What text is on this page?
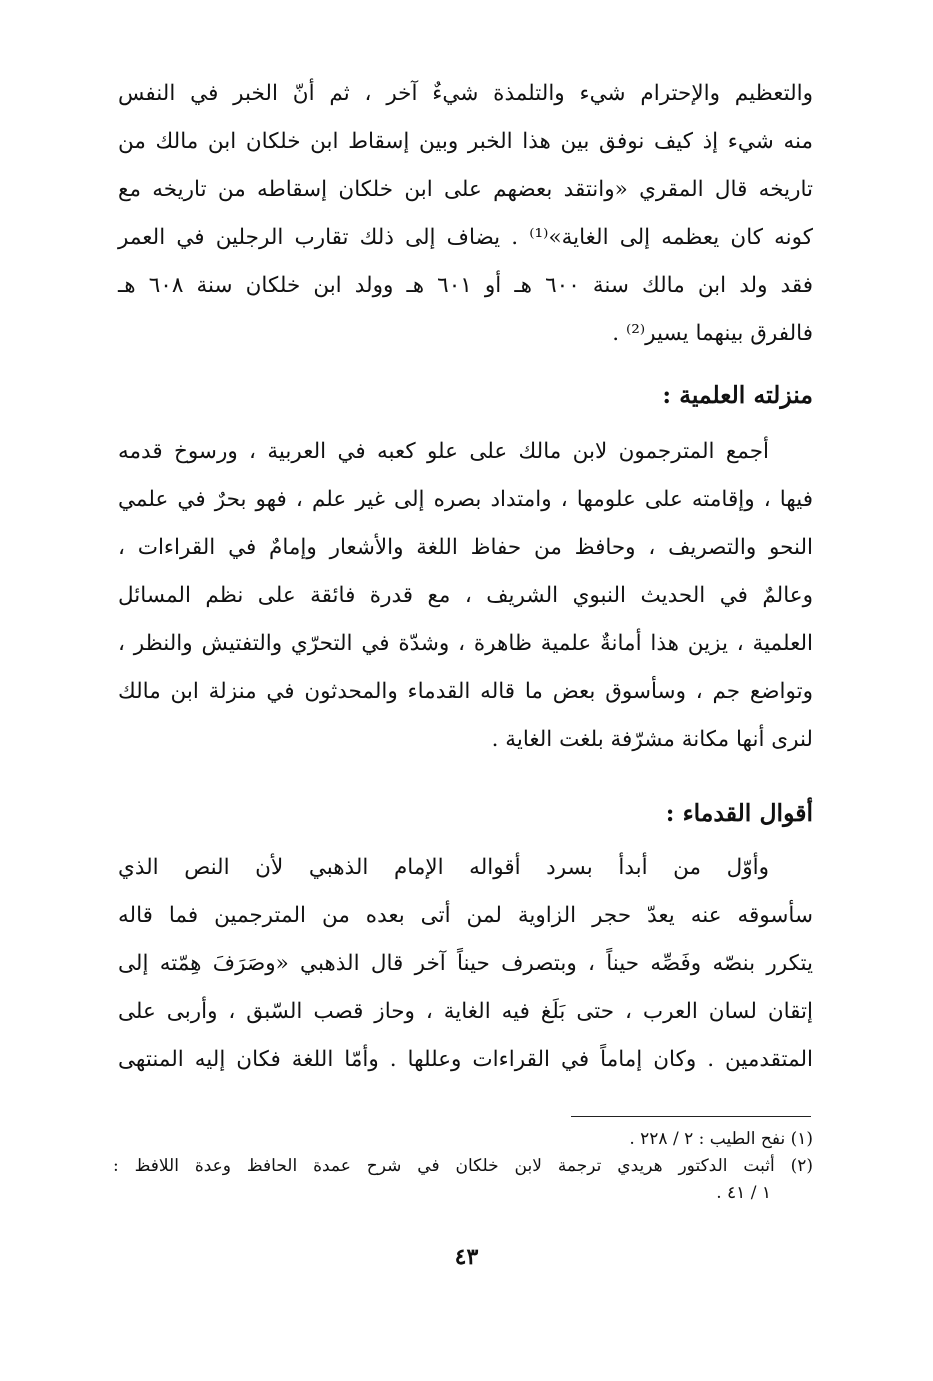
والتعظيم والإحترام شيء والتلمذة شيءٌ آخر ، ثم أنّ الخبر في النفس

منه شيء إذ كيف نوفق بين هذا الخبر وبين إسقاط ابن خلكان ابن مالك من

تاريخه قال المقري «وانتقد بعضهم على ابن خلكان إسقاطه من تاريخه مع

كونه كان يعظمه إلى الغاية»⁽¹⁾ . يضاف إلى ذلك تقارب الرجلين في العمر

فقد ولد ابن مالك سنة ٦٠٠ هـ أو ٦٠١ هـ وولد ابن خلكان سنة ٦٠٨ هـ

فالفرق بينهما يسير⁽²⁾ .

منزلته العلمية :

أجمع المترجمون لابن مالك على علو كعبه في العربية ، ورسوخ قدمه

فيها ، وإقامته على علومها ، وامتداد بصره إلى غير علم ، فهو بحرٌ في علمي

النحو والتصريف ، وحافظ من حفاظ اللغة والأشعار وإمامٌ في القراءات ،

وعالمٌ في الحديث النبوي الشريف ، مع قدرة فائقة على نظم المسائل

العلمية ، يزين هذا أمانةٌ علمية ظاهرة ، وشدّة في التحرّي والتفتيش والنظر ،

وتواضع جم ، وسأسوق بعض ما قاله القدماء والمحدثون في منزلة ابن مالك

لنرى أنها مكانة مشرّفة بلغت الغاية .

أقوال القدماء :

وأوّل من أبدأ بسرد أقواله الإمام الذهبي لأن النص الذي

سأسوقه عنه يعدّ حجر الزاوية لمن أتى بعده من المترجمين فما قاله

يتكرر بنصّه وفَصِّه حيناً ، وبتصرف حيناً آخر قال الذهبي «وصَرَفَ هِمّته إلى

إتقان لسان العرب ، حتى بَلَغ فيه الغاية ، وحاز قصب السّبق ، وأربى على

المتقدمين . وكان إماماً في القراءات وعللها . وأمّا اللغة فكان إليه المنتهى

(١) نفح الطيب : ٢ / ٢٢٨ .

(٢) أثبت الدكتور هريدي ترجمة لابن خلكان في شرح عمدة الحافظ وعدة اللافظ :

١ / ٤١ .

٤٣
